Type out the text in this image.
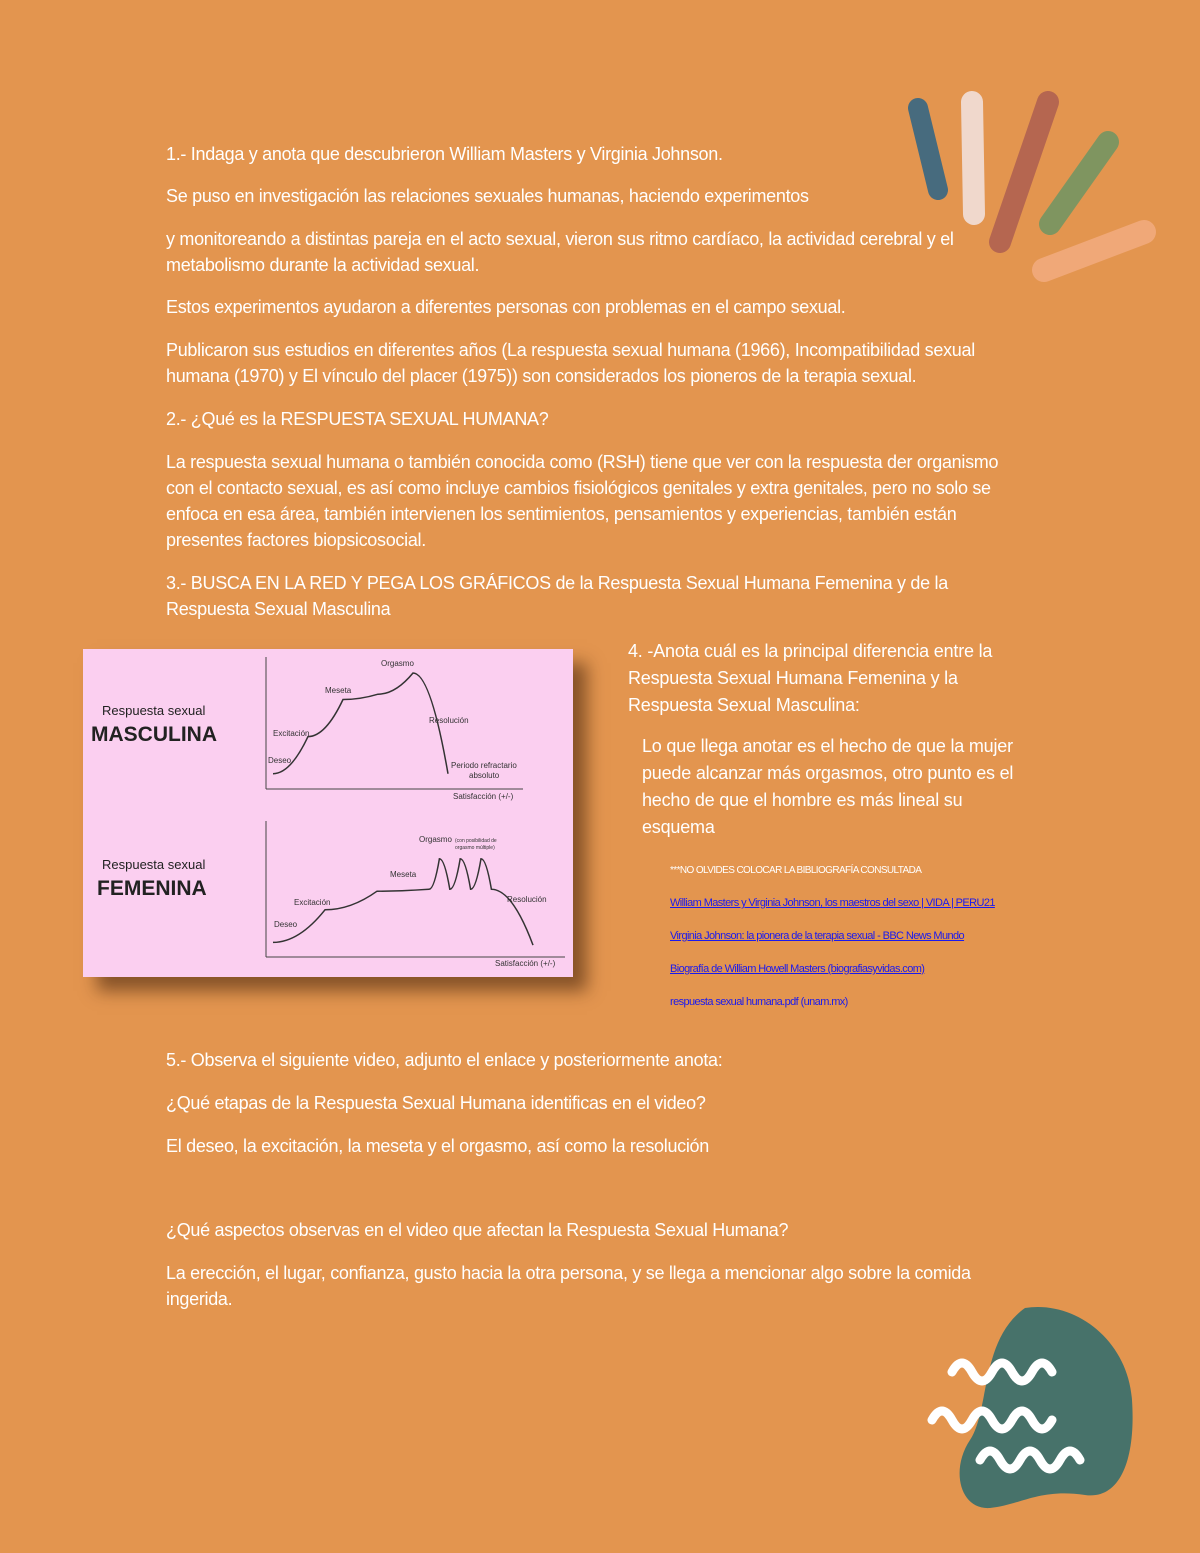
1.- Indaga y anota que descubrieron William Masters y Virginia Johnson.

Se puso en investigación las relaciones sexuales humanas, haciendo experimentos

y monitoreando a distintas pareja en el acto sexual, vieron sus ritmo cardíaco, la actividad cerebral y el metabolismo durante la actividad sexual.

Estos experimentos ayudaron a diferentes personas con problemas en el campo sexual.

Publicaron sus estudios en diferentes años (La respuesta sexual humana (1966), Incompatibilidad sexual humana (1970) y El vínculo del placer (1975)) son considerados los pioneros de la terapia sexual.

2.- ¿Qué es la RESPUESTA SEXUAL HUMANA?

La respuesta sexual humana o también conocida como (RSH) tiene que ver con la respuesta der organismo con el contacto sexual, es así como incluye cambios fisiológicos genitales y extra genitales, pero no solo se enfoca en esa área, también intervienen los sentimientos, pensamientos y experiencias, también están presentes factores biopsicosocial.

3.- BUSCA EN LA RED Y PEGA LOS GRÁFICOS de la Respuesta Sexual Humana Femenina y de la Respuesta Sexual Masculina

Respuesta sexual
MASCULINA
Respuesta sexual
FEMENINA
Deseo
Excitación
Meseta
Orgasmo
Resolución
Periodo refractario
absoluto
Satisfacción (+/-)
Deseo
Excitación
Meseta
Orgasmo (con posibilidad de
orgasmo múltiple)
Resolución
Satisfacción (+/-)

4. -Anota cuál es la principal diferencia entre la Respuesta Sexual Humana Femenina y la Respuesta Sexual Masculina:

Lo que llega anotar es el hecho de que la mujer puede alcanzar más orgasmos, otro punto es el hecho de que el hombre es más lineal su esquema

***NO OLVIDES COLOCAR LA BIBLIOGRAFÍA CONSULTADA

William Masters y Virginia Johnson, los maestros del sexo | VIDA | PERU21

Virginia Johnson: la pionera de la terapia sexual - BBC News Mundo

Biografía de William Howell Masters (biografiasyvidas.com)

respuesta sexual humana.pdf (unam.mx)

5.- Observa el siguiente video, adjunto el enlace y posteriormente anota:

¿Qué etapas de la Respuesta Sexual Humana identificas en el video?

El deseo, la excitación, la meseta y el orgasmo, así como la resolución

¿Qué aspectos observas en el video que afectan la Respuesta Sexual Humana?

La erección, el lugar, confianza, gusto hacia la otra persona, y se llega a mencionar algo sobre la comida ingerida.
